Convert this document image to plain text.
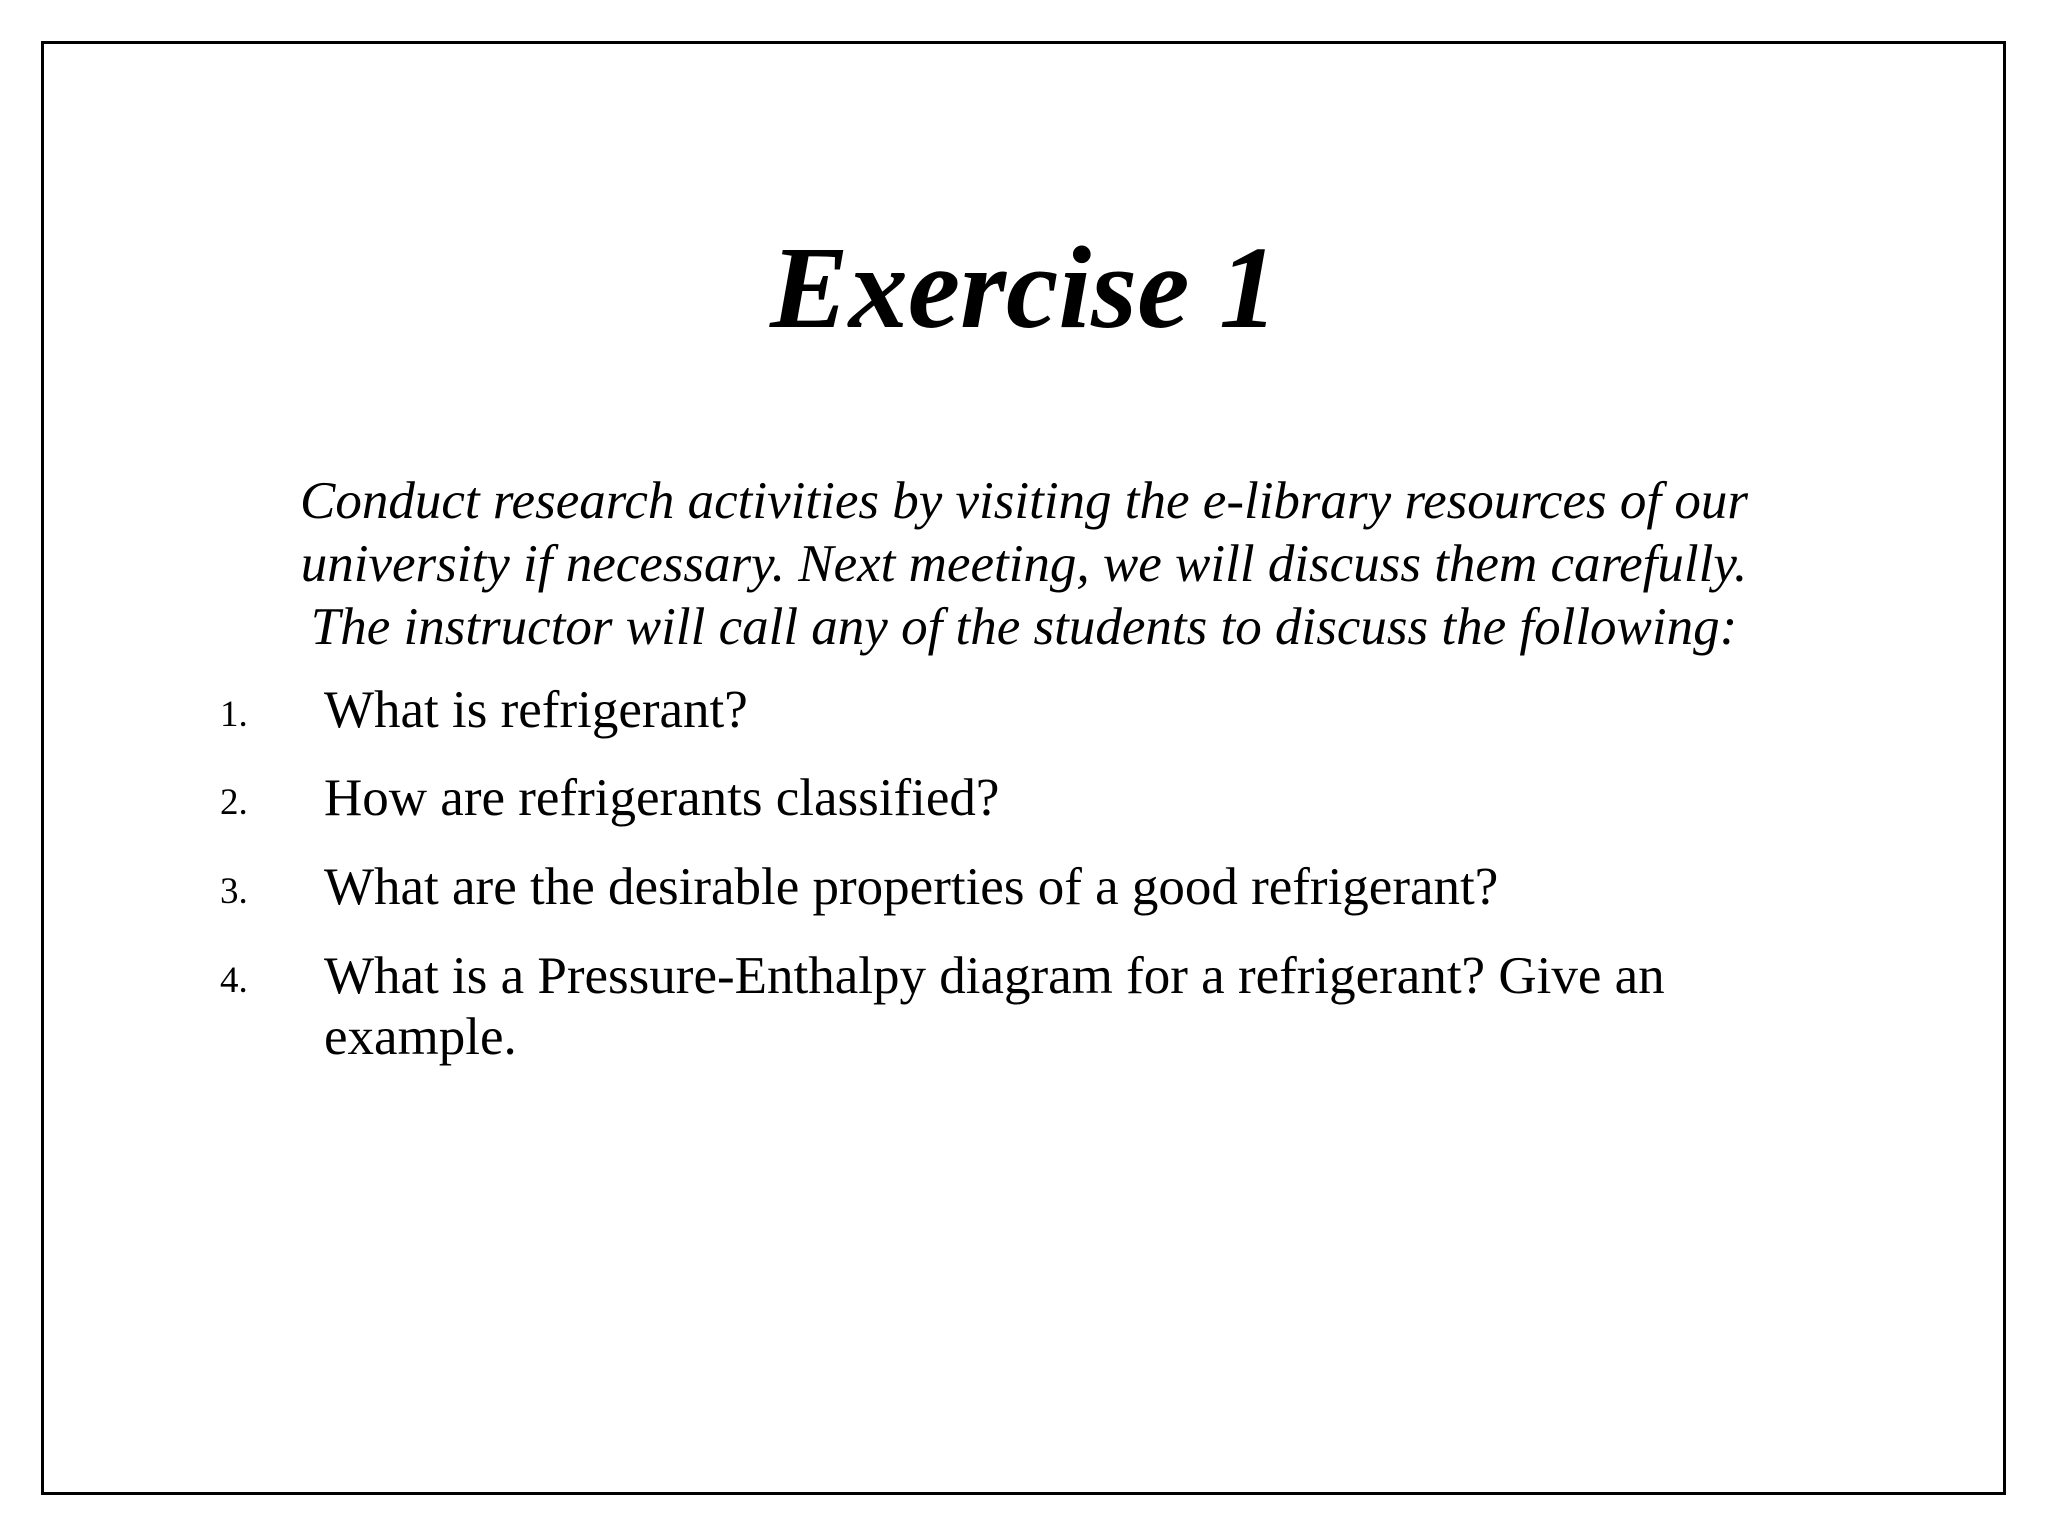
Exercise 1

Conduct research activities by visiting the e-library resources of our
university if necessary. Next meeting, we will discuss them carefully.
The instructor will call any of the students to discuss the following:

1. What is refrigerant?
2. How are refrigerants classified?
3. What are the desirable properties of a good refrigerant?
4. What is a Pressure-Enthalpy diagram for a refrigerant? Give an example.
